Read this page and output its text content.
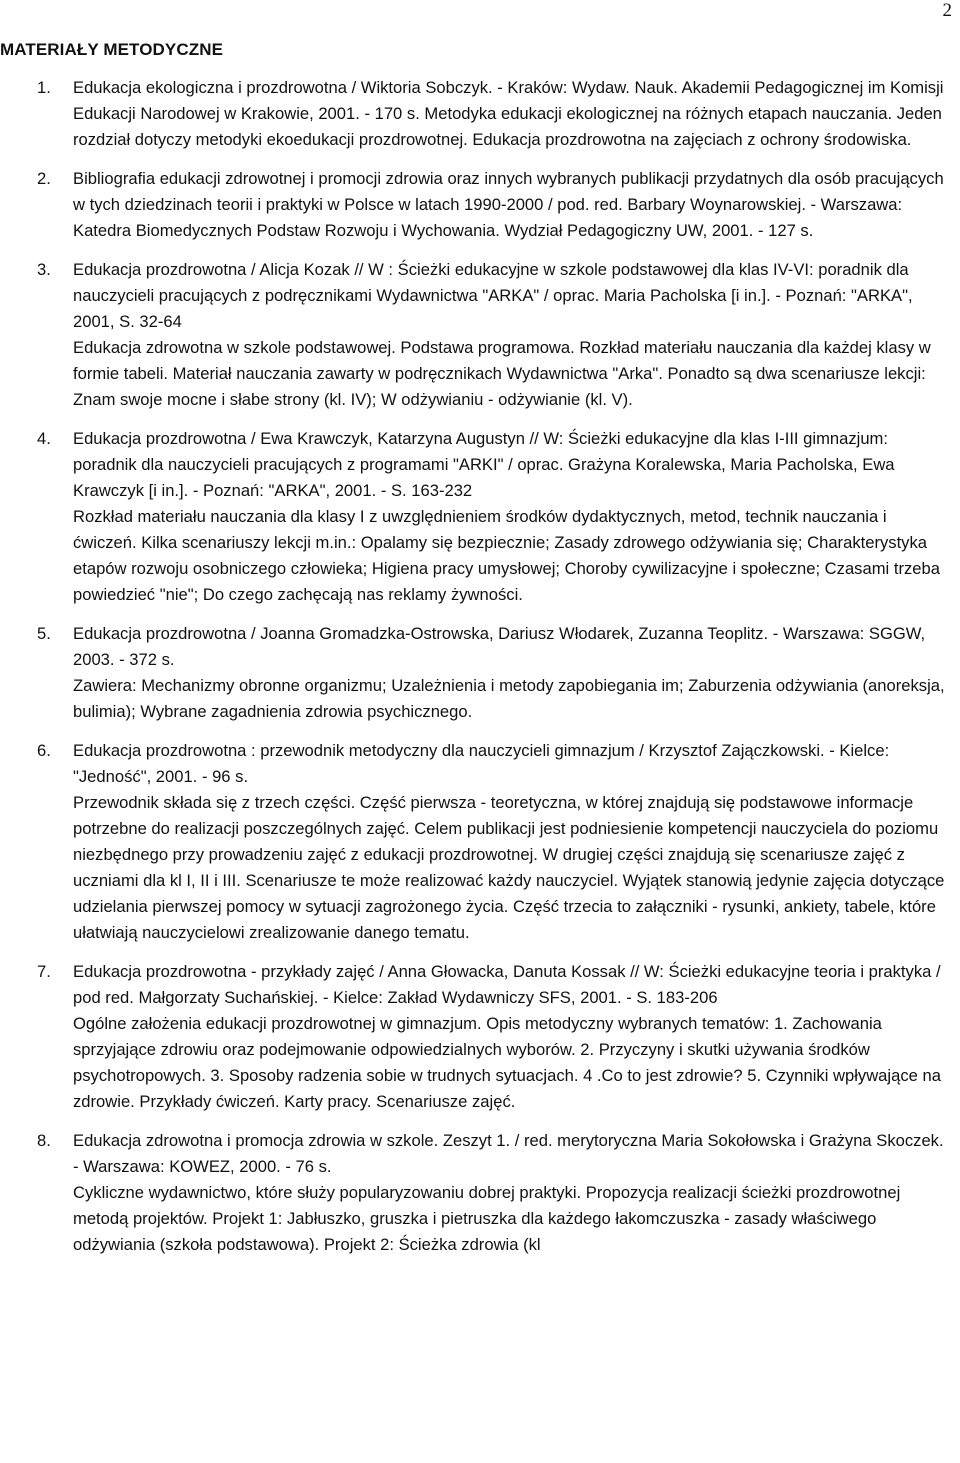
2
MATERIAŁY METODYCZNE
1.	Edukacja ekologiczna i prozdrowotna / Wiktoria Sobczyk. - Kraków: Wydaw. Nauk. Akademii Pedagogicznej im Komisji Edukacji Narodowej w Krakowie, 2001. - 170 s. Metodyka edukacji ekologicznej na różnych etapach nauczania. Jeden rozdział dotyczy metodyki ekoedukacji prozdrowotnej. Edukacja prozdrowotna na zajęciach z ochrony środowiska.
2.	Bibliografia edukacji zdrowotnej i promocji zdrowia oraz innych wybranych publikacji przydatnych dla osób pracujących w tych dziedzinach teorii i praktyki w Polsce w latach 1990-2000 / pod. red. Barbary Woynarowskiej. - Warszawa: Katedra Biomedycznych Podstaw Rozwoju i Wychowania. Wydział Pedagogiczny UW, 2001. - 127 s.
3.	Edukacja prozdrowotna / Alicja Kozak // W : Ścieżki edukacyjne w szkole podstawowej dla klas IV-VI: poradnik dla nauczycieli pracujących z podręcznikami Wydawnictwa "ARKA" / oprac. Maria Pacholska [i in.]. - Poznań: "ARKA", 2001, S. 32-64
Edukacja zdrowotna w szkole podstawowej. Podstawa programowa. Rozkład materiału nauczania dla każdej klasy w formie tabeli. Materiał nauczania zawarty w podręcznikach Wydawnictwa "Arka". Ponadto są dwa scenariusze lekcji: Znam swoje mocne i słabe strony (kl. IV); W odżywianiu - odżywianie (kl. V).
4.	Edukacja prozdrowotna / Ewa Krawczyk, Katarzyna Augustyn // W: Ścieżki edukacyjne dla klas I-III gimnazjum: poradnik dla nauczycieli pracujących z programami "ARKI" / oprac. Grażyna Koralewska, Maria Pacholska, Ewa Krawczyk [i in.]. - Poznań: "ARKA", 2001. - S. 163-232
Rozkład materiału nauczania dla klasy I z uwzględnieniem środków dydaktycznych, metod, technik nauczania i ćwiczeń. Kilka scenariuszy lekcji m.in.: Opalamy się bezpiecznie; Zasady zdrowego odżywiania się; Charakterystyka etapów rozwoju osobniczego człowieka; Higiena pracy umysłowej; Choroby cywilizacyjne i społeczne; Czasami trzeba powiedzieć "nie"; Do czego zachęcają nas reklamy żywności.
5.	Edukacja prozdrowotna / Joanna Gromadzka-Ostrowska, Dariusz Włodarek, Zuzanna Teoplitz. - Warszawa: SGGW, 2003. - 372 s.
Zawiera: Mechanizmy obronne organizmu; Uzależnienia i metody zapobiegania im; Zaburzenia odżywiania (anoreksja, bulimia); Wybrane zagadnienia zdrowia psychicznego.
6.	Edukacja prozdrowotna : przewodnik metodyczny dla nauczycieli gimnazjum / Krzysztof Zajączkowski. - Kielce: "Jedność", 2001. - 96 s.
Przewodnik składa się z trzech części. Część pierwsza - teoretyczna, w której znajdują się podstawowe informacje potrzebne do realizacji poszczególnych zajęć. Celem publikacji jest podniesienie kompetencji nauczyciela do poziomu niezbędnego przy prowadzeniu zajęć z edukacji prozdrowotnej. W drugiej części znajdują się scenariusze zajęć z uczniami dla kl I, II i III. Scenariusze te może realizować każdy nauczyciel. Wyjątek stanowią jedynie zajęcia dotyczące udzielania pierwszej pomocy w sytuacji zagrożonego życia. Część trzecia to załączniki - rysunki, ankiety, tabele, które ułatwiają nauczycielowi zrealizowanie danego tematu.
7.	Edukacja prozdrowotna - przykłady zajęć / Anna Głowacka, Danuta Kossak // W: Ścieżki edukacyjne teoria i praktyka / pod red. Małgorzaty Suchańskiej. - Kielce: Zakład Wydawniczy SFS, 2001. - S. 183-206
Ogólne założenia edukacji prozdrowotnej w gimnazjum. Opis metodyczny wybranych tematów: 1. Zachowania sprzyjające zdrowiu oraz podejmowanie odpowiedzialnych wyborów. 2. Przyczyny i skutki używania środków psychotropowych. 3. Sposoby radzenia sobie w trudnych sytuacjach. 4 .Co to jest zdrowie? 5. Czynniki wpływające na zdrowie. Przykłady ćwiczeń. Karty pracy. Scenariusze zajęć.
8.	Edukacja zdrowotna i promocja zdrowia w szkole. Zeszyt 1. / red. merytoryczna Maria Sokołowska i Grażyna Skoczek. - Warszawa: KOWEZ, 2000. - 76 s.
Cykliczne wydawnictwo, które służy popularyzowaniu dobrej praktyki. Propozycja realizacji ścieżki prozdrowotnej metodą projektów. Projekt 1: Jabłuszko, gruszka i pietruszka dla każdego łakomczuszka - zasady właściwego odżywiania (szkoła podstawowa). Projekt 2: Ścieżka zdrowia (kl
